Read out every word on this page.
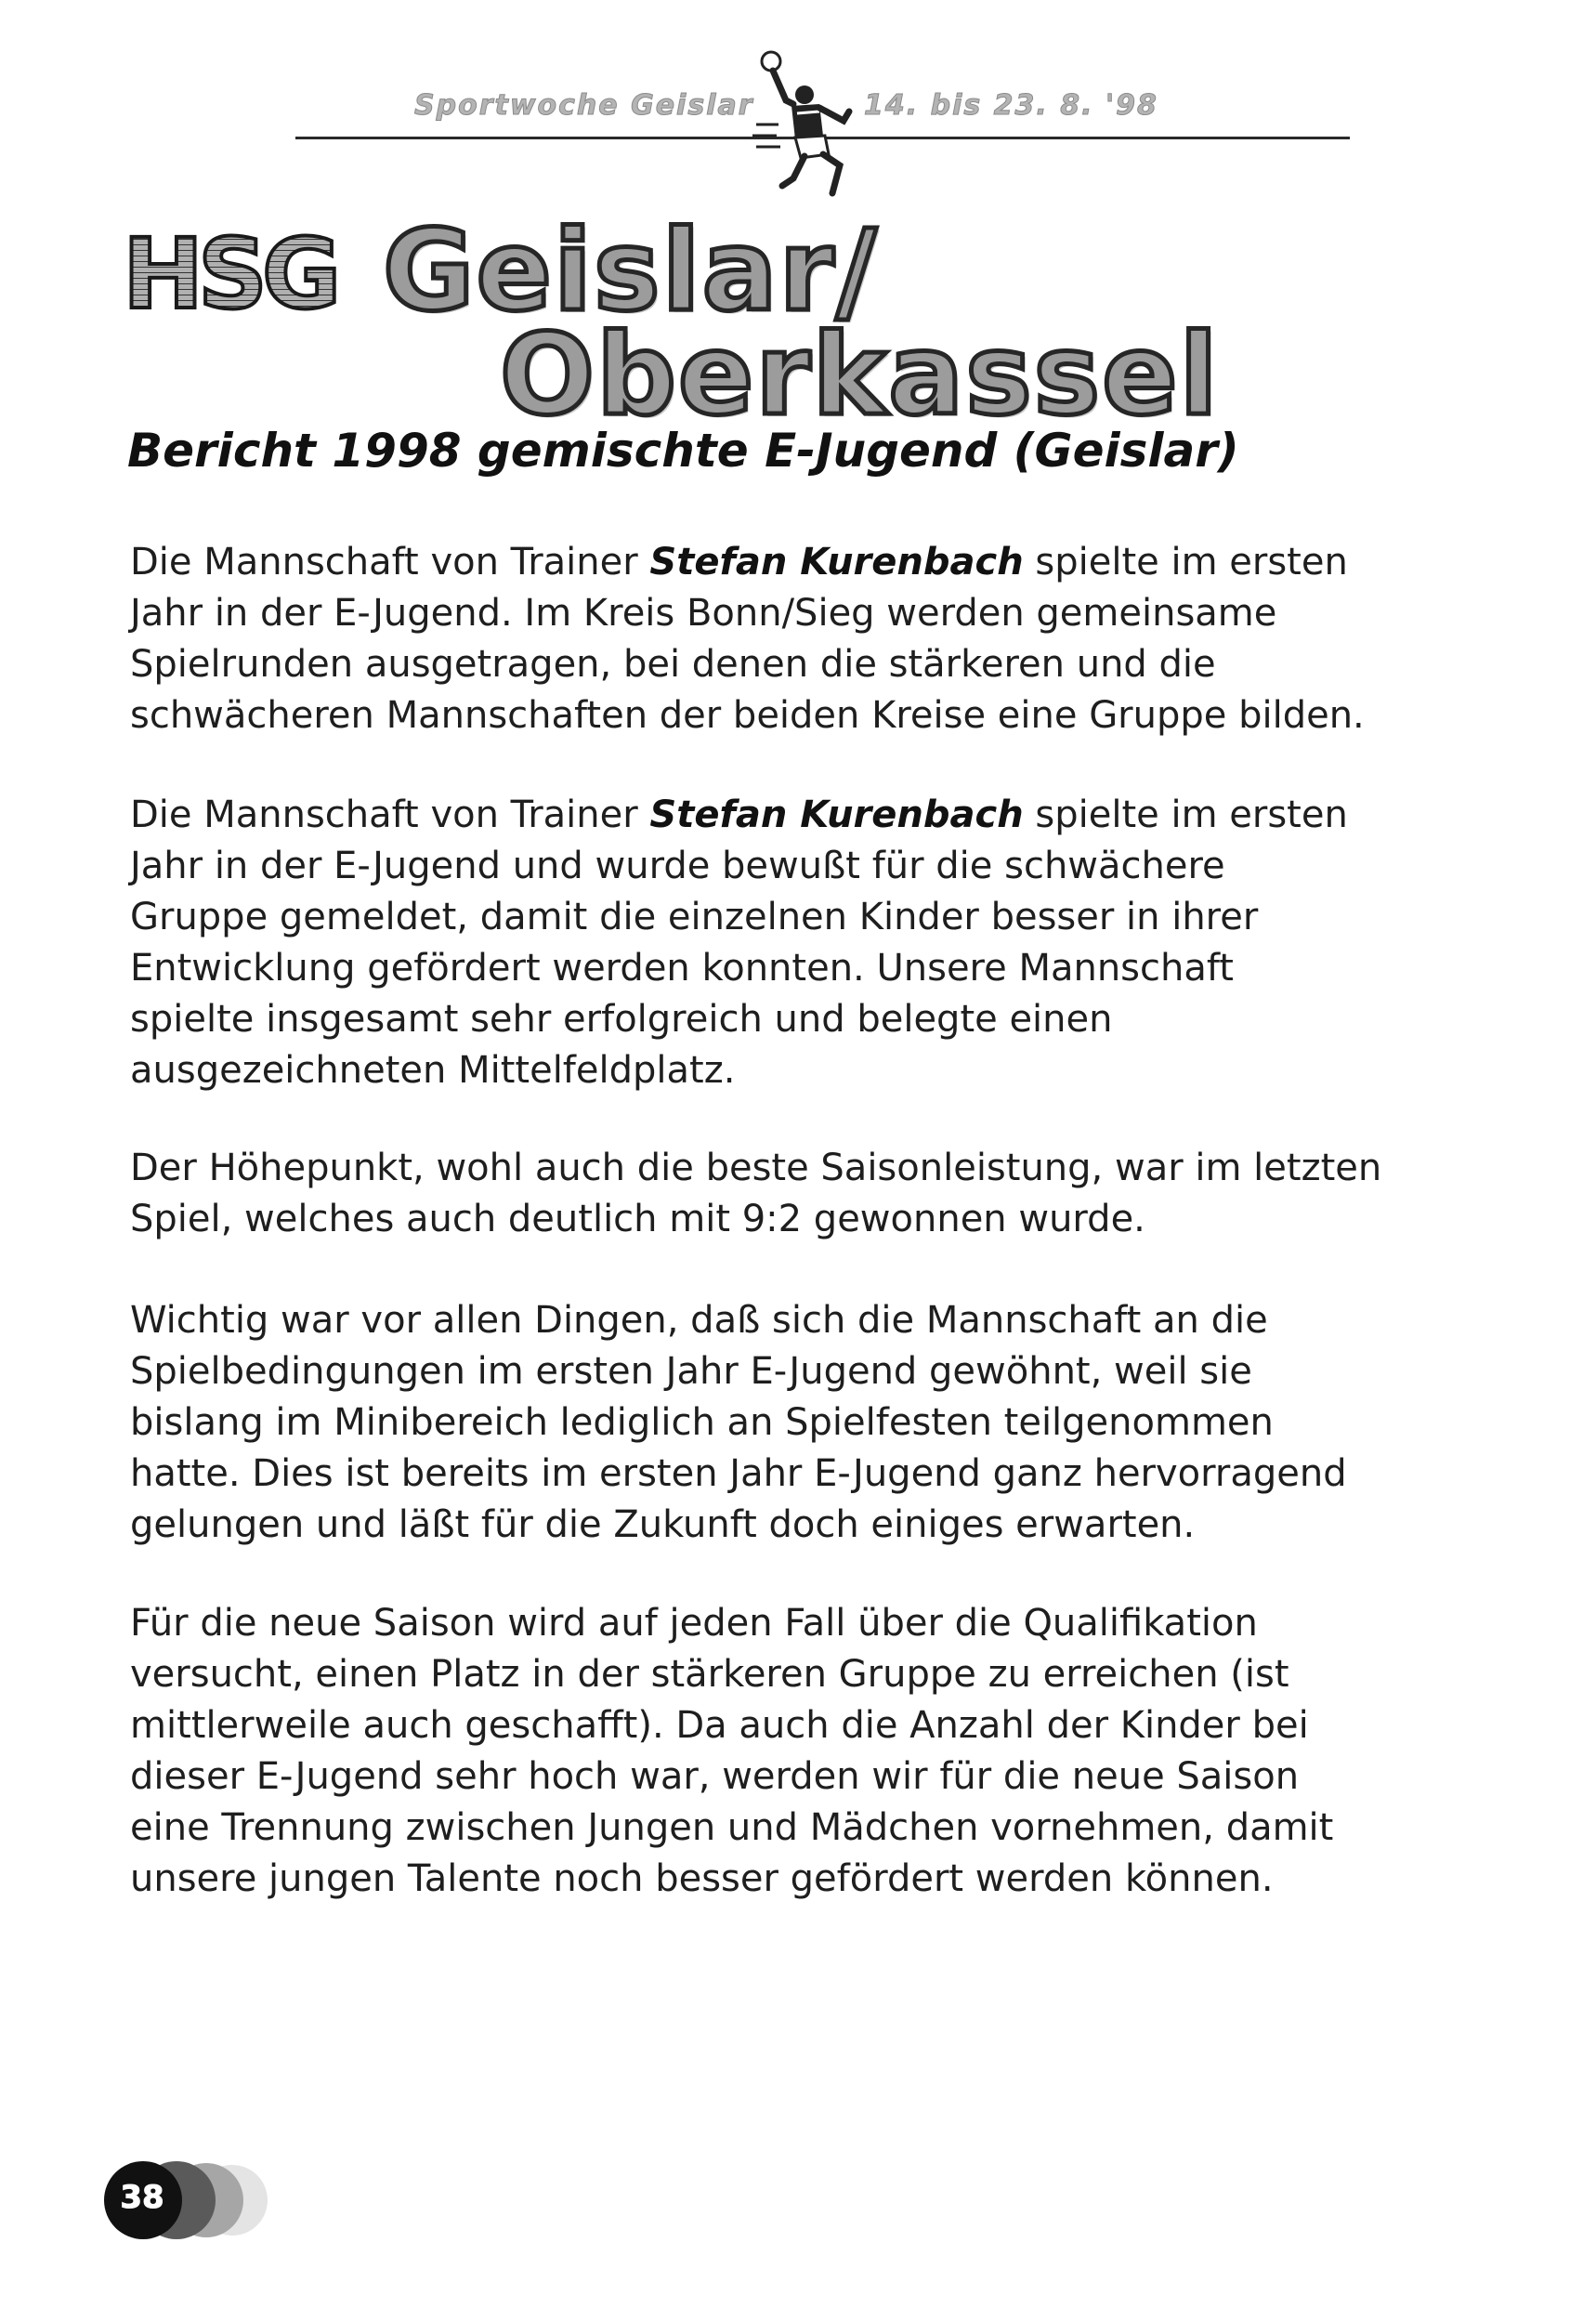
Sportwoche Geislar	14. bis 23. 8. '98
HSG Geislar/
Oberkassel
Bericht 1998 gemischte E-Jugend (Geislar)

Die Mannschaft von Trainer Stefan Kurenbach spielte im ersten
Jahr in der E-Jugend. Im Kreis Bonn/Sieg werden gemeinsame
Spielrunden ausgetragen, bei denen die stärkeren und die
schwächeren Mannschaften der beiden Kreise eine Gruppe bilden.

Die Mannschaft von Trainer Stefan Kurenbach spielte im ersten
Jahr in der E-Jugend und wurde bewußt für die schwächere
Gruppe gemeldet, damit die einzelnen Kinder besser in ihrer
Entwicklung gefördert werden konnten. Unsere Mannschaft
spielte insgesamt sehr erfolgreich und belegte einen
ausgezeichneten Mittelfeldplatz.

Der Höhepunkt, wohl auch die beste Saisonleistung, war im letzten
Spiel, welches auch deutlich mit 9:2 gewonnen wurde.

Wichtig war vor allen Dingen, daß sich die Mannschaft an die
Spielbedingungen im ersten Jahr E-Jugend gewöhnt, weil sie
bislang im Minibereich lediglich an Spielfesten teilgenommen
hatte. Dies ist bereits im ersten Jahr E-Jugend ganz hervorragend
gelungen und läßt für die Zukunft doch einiges erwarten.

Für die neue Saison wird auf jeden Fall über die Qualifikation
versucht, einen Platz in der stärkeren Gruppe zu erreichen (ist
mittlerweile auch geschafft). Da auch die Anzahl der Kinder bei
dieser E-Jugend sehr hoch war, werden wir für die neue Saison
eine Trennung zwischen Jungen und Mädchen vornehmen, damit
unsere jungen Talente noch besser gefördert werden können.

38
